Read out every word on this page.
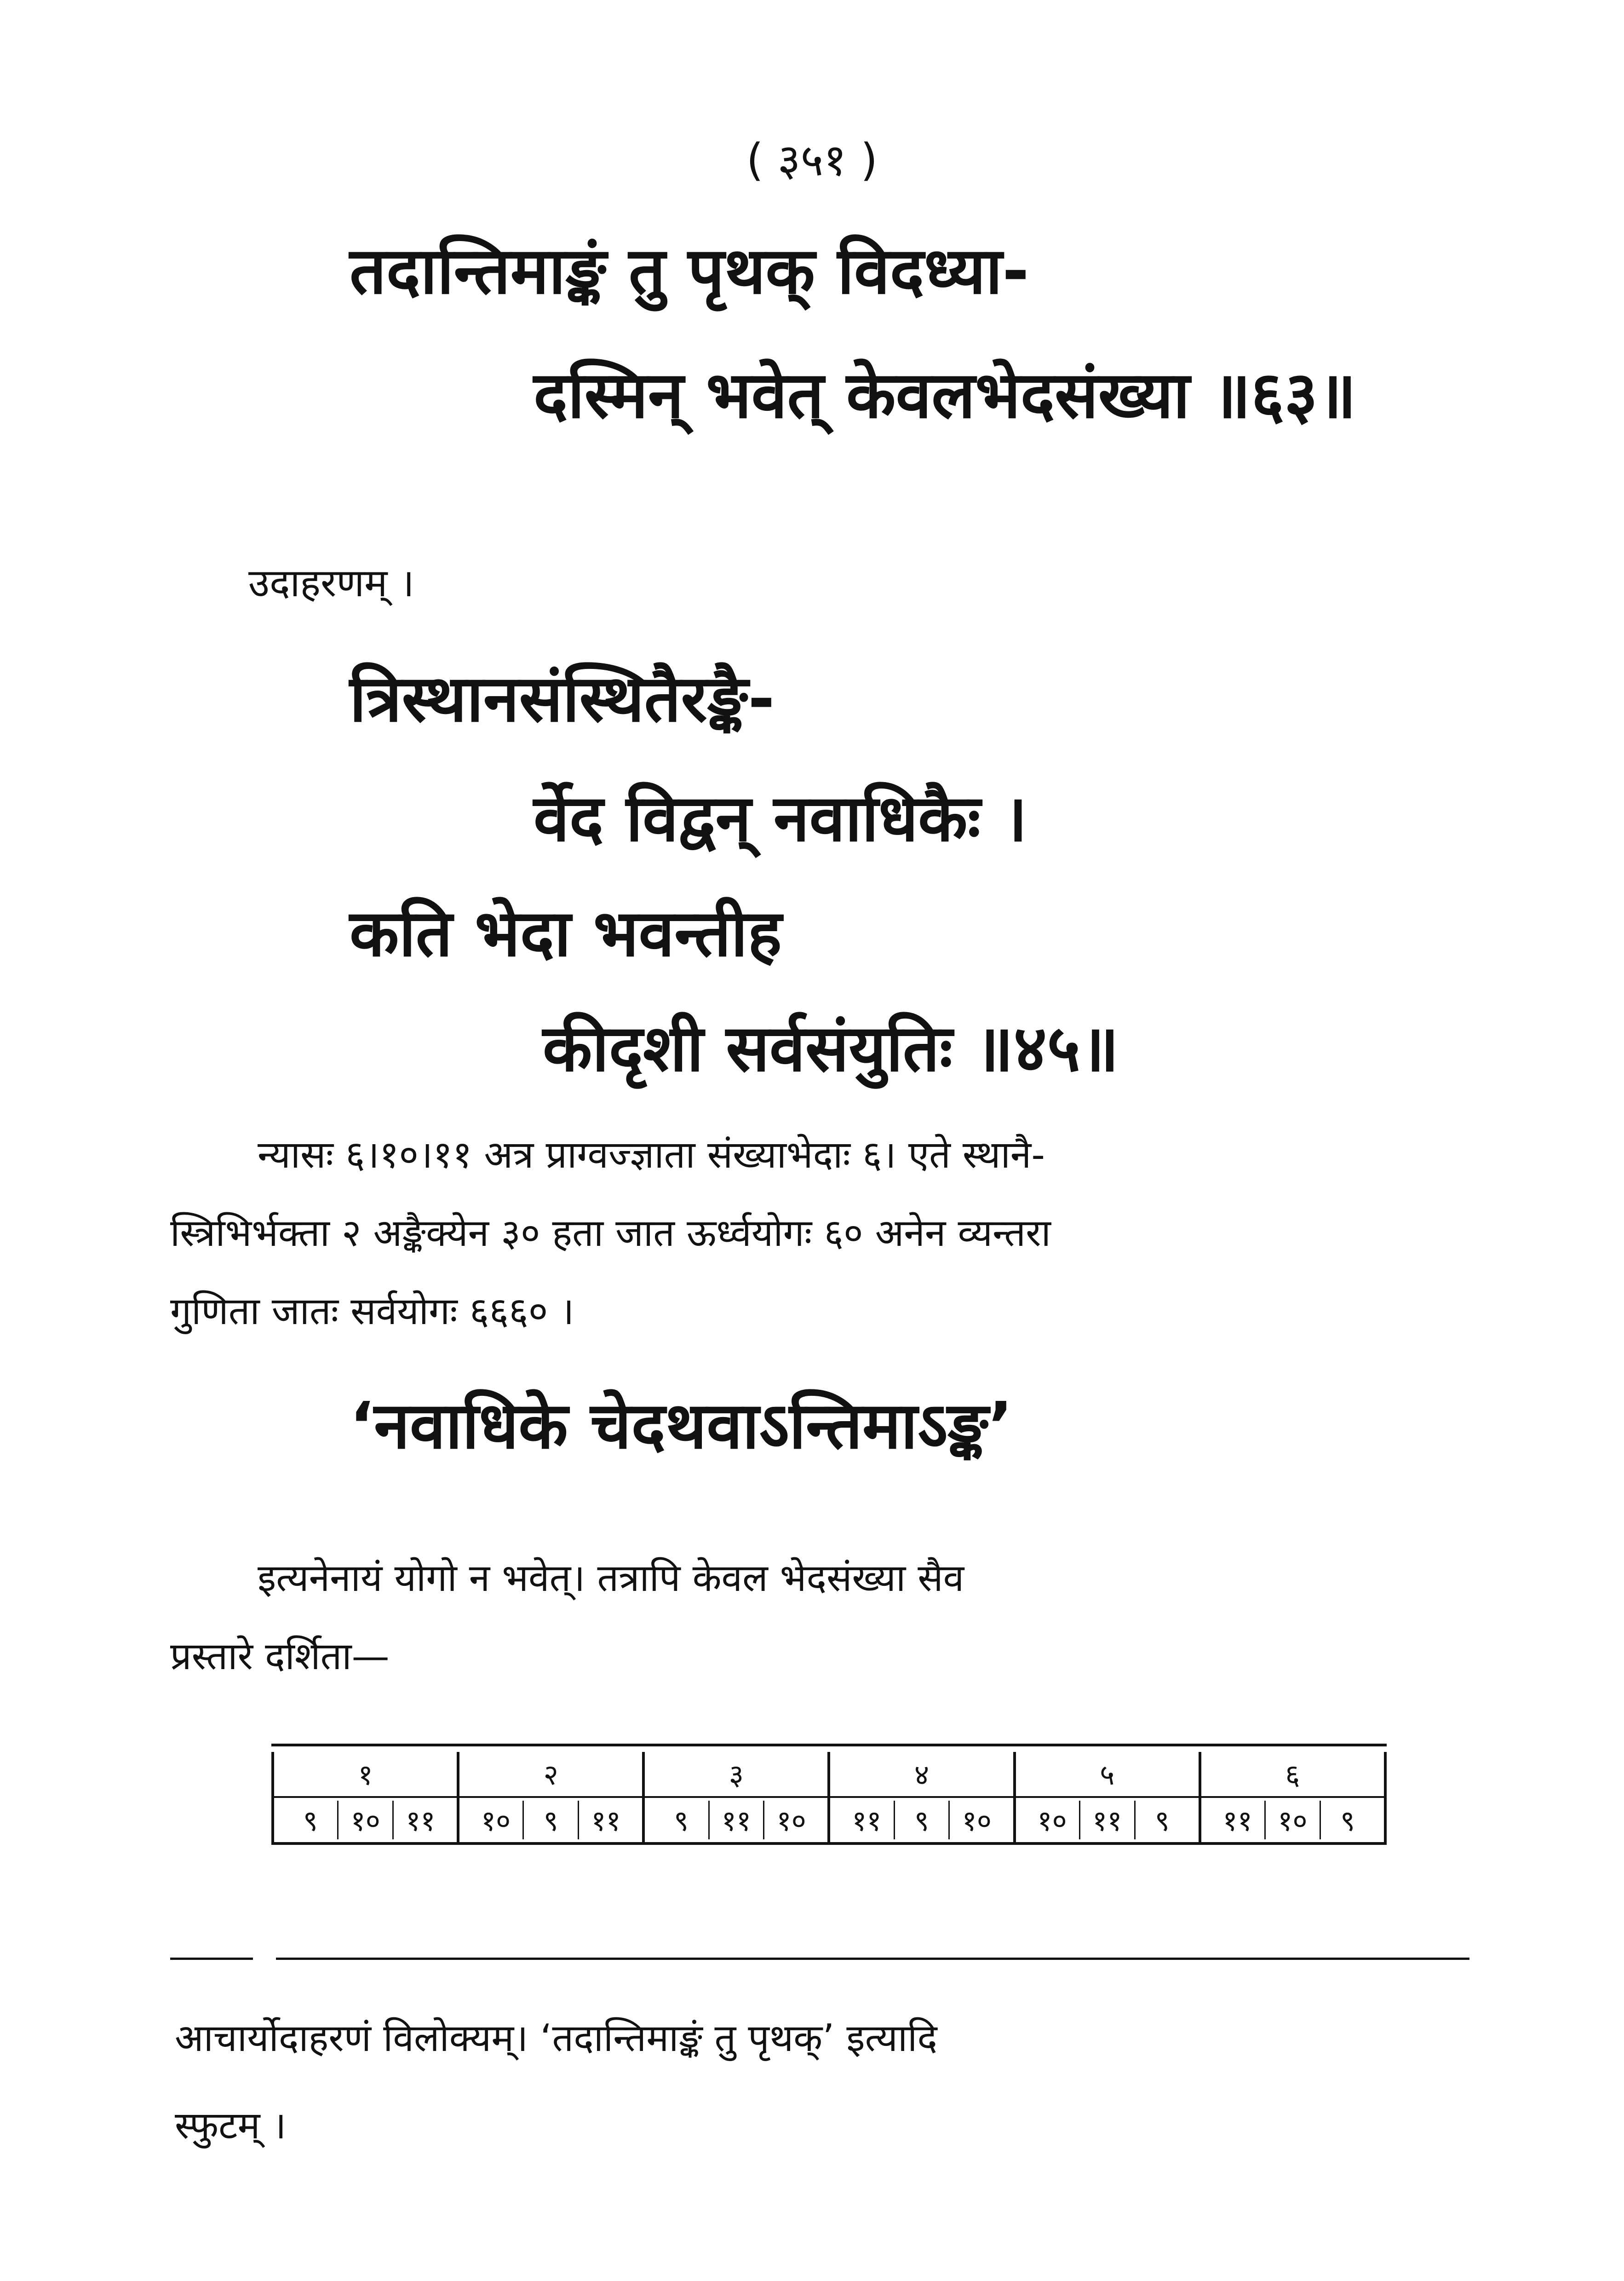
( ३५१ )
तदान्तिमाङ्कं तु पृथक् विदध्या-
दस्मिन् भवेत् केवलभेदसंख्या ॥६३॥
उदाहरणम् ।
त्रिस्थानसंस्थितैरङ्कै-
र्वेद विद्वन् नवाधिकैः ।
कति भेदा भवन्तीह
कीदृशी सर्वसंयुतिः ॥४५॥
न्यासः ६।१०।११ अत्र प्राग्वज्ज्ञाता संख्याभेदाः ६। एते स्थानै-
स्त्रिभिर्भक्ता २ अङ्कैक्येन ३० हता जात ऊर्ध्वयोगः ६० अनेन व्यन्तरा
गुणिता जातः सर्वयोगः ६६६० ।
‘नवाधिके चेदथवाऽन्तिमाऽङ्क’
इत्यनेनायं योगो न भवेत्। तत्रापि केवल भेदसंख्या सैव
प्रस्तारे दर्शिता—
१	२	३	४	५	६
९ १० ११	१० ९ ११	९ ११ १०	११ ९ १०	१० ११ ९	११ १० ९
आचार्योदाहरणं विलोक्यम्। ‘तदान्तिमाङ्कं तु पृथक्’ इत्यादि
स्फुटम् ।
